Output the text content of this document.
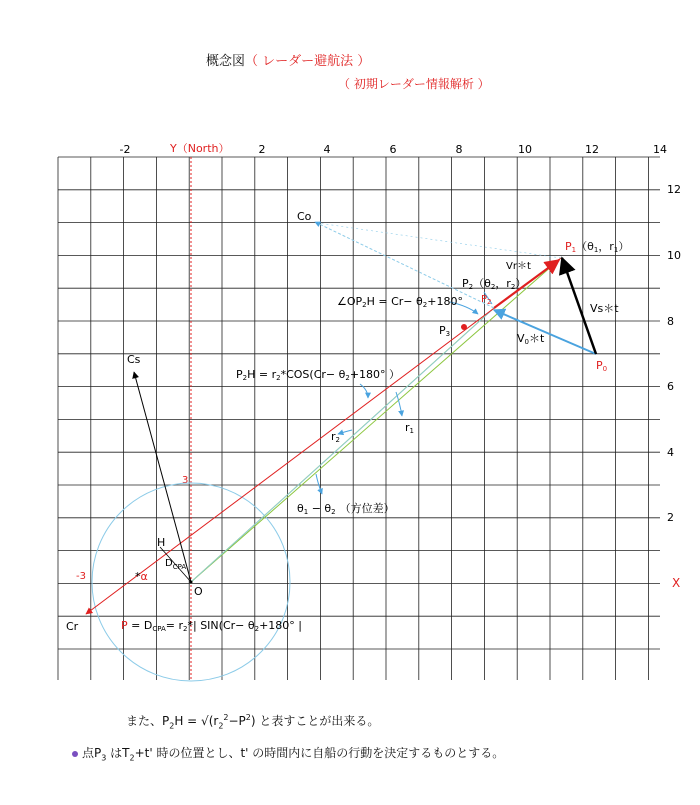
概念図（ レーダー避航法 ）
（ 初期レーダー情報解析 ）
-2	2	4	6	8	10	12	14
12
10
8
6
4
2
Y（North）
X
-3
3
Co
Cs
Cr
H
O
$D_{CPA}$
*α
P1（θ1，r1）
P2（θ2，r2）
$P_2$
P3
P0
Vr＊t
Vs＊t
V0＊t
∠OP2H = Cr− θ2+180°
P2H = r2*COS(Cr− θ2+180° ）
r1
r2
θ1 − θ2 （方位差）
P = DCPA= r2*| SIN(Cr− θ2+180° |
また、$P_2H = √(r_2^2-P^2)$ と表すことが出来る。
点$P_3$ は$T_2+t'$ 時の位置とし、t' の時間内に自船の行動を決定するものとする。
